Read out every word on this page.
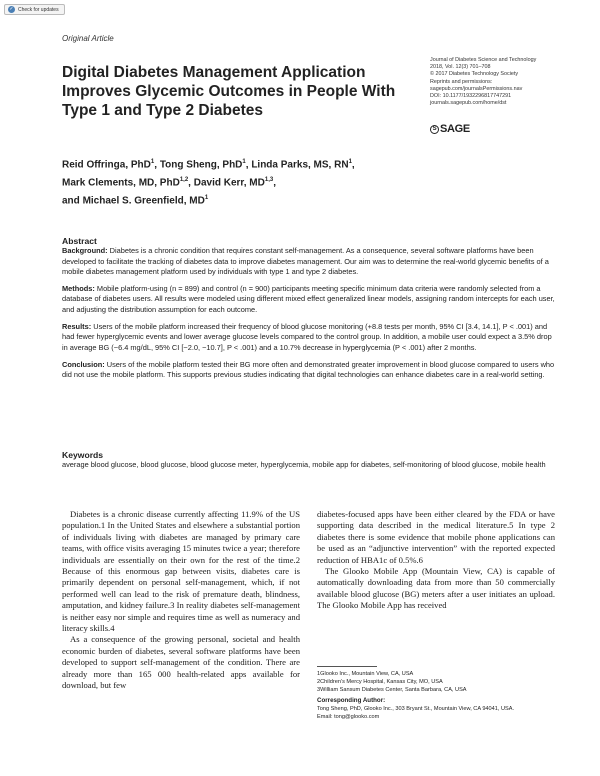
✓ Check for updates
Original Article
Digital Diabetes Management Application Improves Glycemic Outcomes in People With Type 1 and Type 2 Diabetes
Journal of Diabetes Science and Technology
2018, Vol. 12(3) 701–708
© 2017 Diabetes Technology Society
Reprints and permissions:
sagepub.com/journalsPermissions.nav
DOI: 10.1177/1932296817747291
journals.sagepub.com/home/dst
S SAGE
Reid Offringa, PhD$^1$, Tong Sheng, PhD$^1$, Linda Parks, MS, $RN^1$,
Mark Clements, MD, PhD$^{1,2}$, David Kerr, MD$^{1,3}$,
and Michael S. Greenfield, $MD^1$
Abstract

Background: Diabetes is a chronic condition that requires constant self-management. As a consequence, several software platforms have been developed to facilitate the tracking of diabetes data to improve diabetes management. Our aim was to determine the real-world glycemic benefits of a mobile diabetes management platform used by individuals with type 1 and type 2 diabetes.

Methods: Mobile platform-using (n = 899) and control (n = 900) participants meeting specific minimum data criteria were randomly selected from a database of diabetes users. All results were modeled using different mixed effect generalized linear models, assigning random intercepts for each user, and adjusting the distribution assumption for each outcome.

Results: Users of the mobile platform increased their frequency of blood glucose monitoring (+8.8 tests per month, 95% CI [3.4, 14.1], P < .001) and had fewer hyperglycemic events and lower average glucose levels compared to the control group. In addition, a mobile user could expect a 3.5% drop in average BG (−6.4 mg/dL, 95% CI [−2.0, −10.7], P < .001) and a 10.7% decrease in hyperglycemia (P < .001) after 2 months.

Conclusion: Users of the mobile platform tested their BG more often and demonstrated greater improvement in blood glucose compared to users who did not use the mobile platform. This supports previous studies indicating that digital technologies can enhance diabetes care in a real-world setting.

Keywords
average blood glucose, blood glucose, blood glucose meter, hyperglycemia, mobile app for diabetes, self-monitoring of blood glucose, mobile health

Diabetes is a chronic disease currently affecting 11.9% of the US population.1 In the United States and elsewhere a substantial portion of individuals living with diabetes are managed by primary care teams, with office visits averaging 15 minutes twice a year; therefore individuals are essentially on their own for the rest of the time.2 Because of this enormous gap between visits, diabetes care is primarily dependent on personal self-management, which, if not performed well can lead to the risk of premature death, blindness, amputation, and kidney failure.3 In reality diabetes self-management is neither easy nor simple and requires time as well as numeracy and literacy skills.4

As a consequence of the growing personal, societal and health economic burden of diabetes, several software platforms have been developed to support self-management of the condition. There are already more than 165 000 health-related apps available for download, but few

diabetes-focused apps have been either cleared by the FDA or have supporting data described in the medical literature.5 In type 2 diabetes there is some evidence that mobile phone applications can be used as an “adjunctive intervention” with the reported expected reduction of HBA1c of 0.5%.6

The Glooko Mobile App (Mountain View, CA) is capable of automatically downloading data from more than 50 commercially available blood glucose (BG) meters after a user initiates an upload. The Glooko Mobile App has received

1Glooko Inc., Mountain View, CA, USA
2Children’s Mercy Hospital, Kansas City, MO, USA
3William Sansum Diabetes Center, Santa Barbara, CA, USA
Corresponding Author:
Tong Sheng, PhD, Glooko Inc., 303 Bryant St., Mountain View, CA 94041, USA.
Email: tong@glooko.com
